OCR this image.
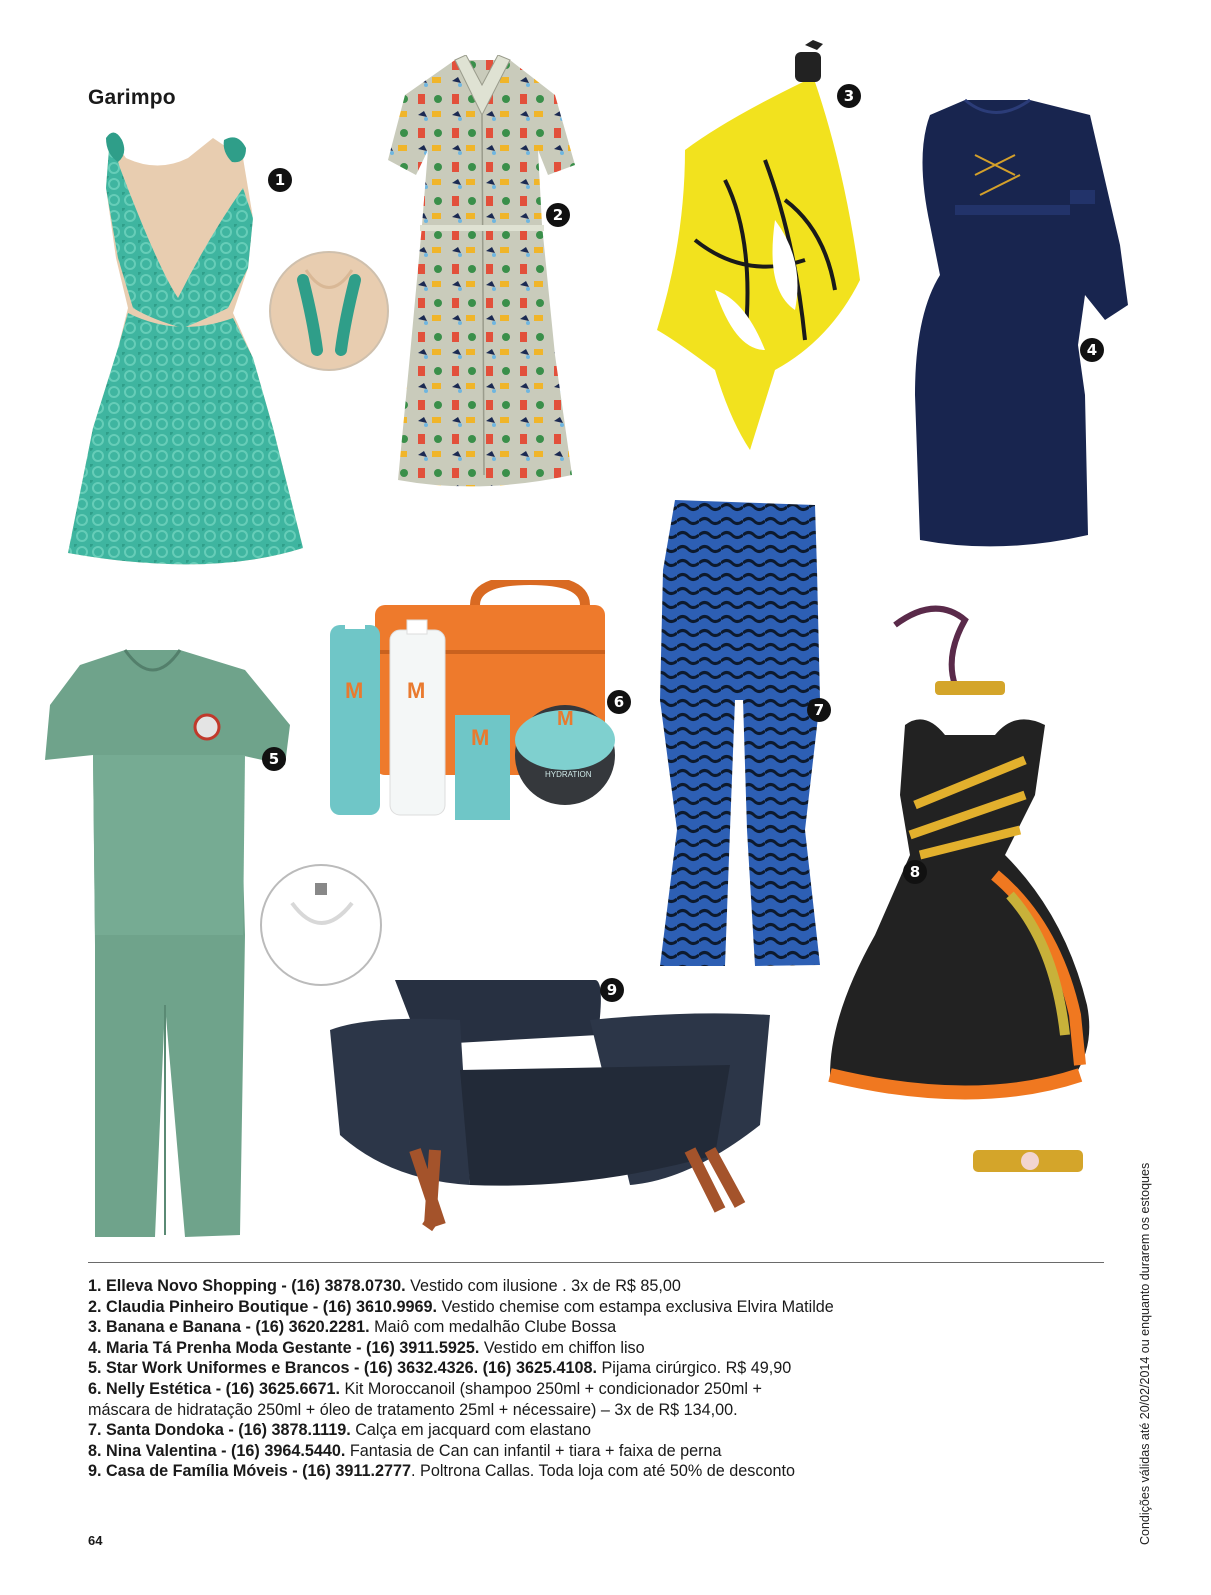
Garimpo
1
2
3
4
5
M M
M
M
HYDRATION
6	7
8
9
1. Elleva Novo Shopping - (16) 3878.0730. Vestido com ilusione . 3x de R$ 85,00
2. Claudia Pinheiro Boutique - (16) 3610.9969. Vestido chemise com estampa exclusiva Elvira Matilde
3. Banana e Banana - (16) 3620.2281. Maiô com medalhão Clube Bossa
4. Maria Tá Prenha Moda Gestante - (16) 3911.5925. Vestido em chiffon liso
5. Star Work Uniformes e Brancos - (16) 3632.4326. (16) 3625.4108. Pijama cirúrgico. R$ 49,90
6. Nelly Estética - (16) 3625.6671. Kit Moroccanoil (shampoo 250ml + condicionador 250ml +
máscara de hidratação 250ml + óleo de tratamento 25ml + nécessaire) – 3x de R$ 134,00.
7. Santa Dondoka - (16) 3878.1119. Calça em jacquard com elastano
8. Nina Valentina - (16) 3964.5440. Fantasia de Can can infantil + tiara + faixa de perna
9. Casa de Família Móveis - (16) 3911.2777. Poltrona Callas. Toda loja com até 50% de desconto	Condições válidas até 20/02/2014 ou enquanto durarem os estoques
64
